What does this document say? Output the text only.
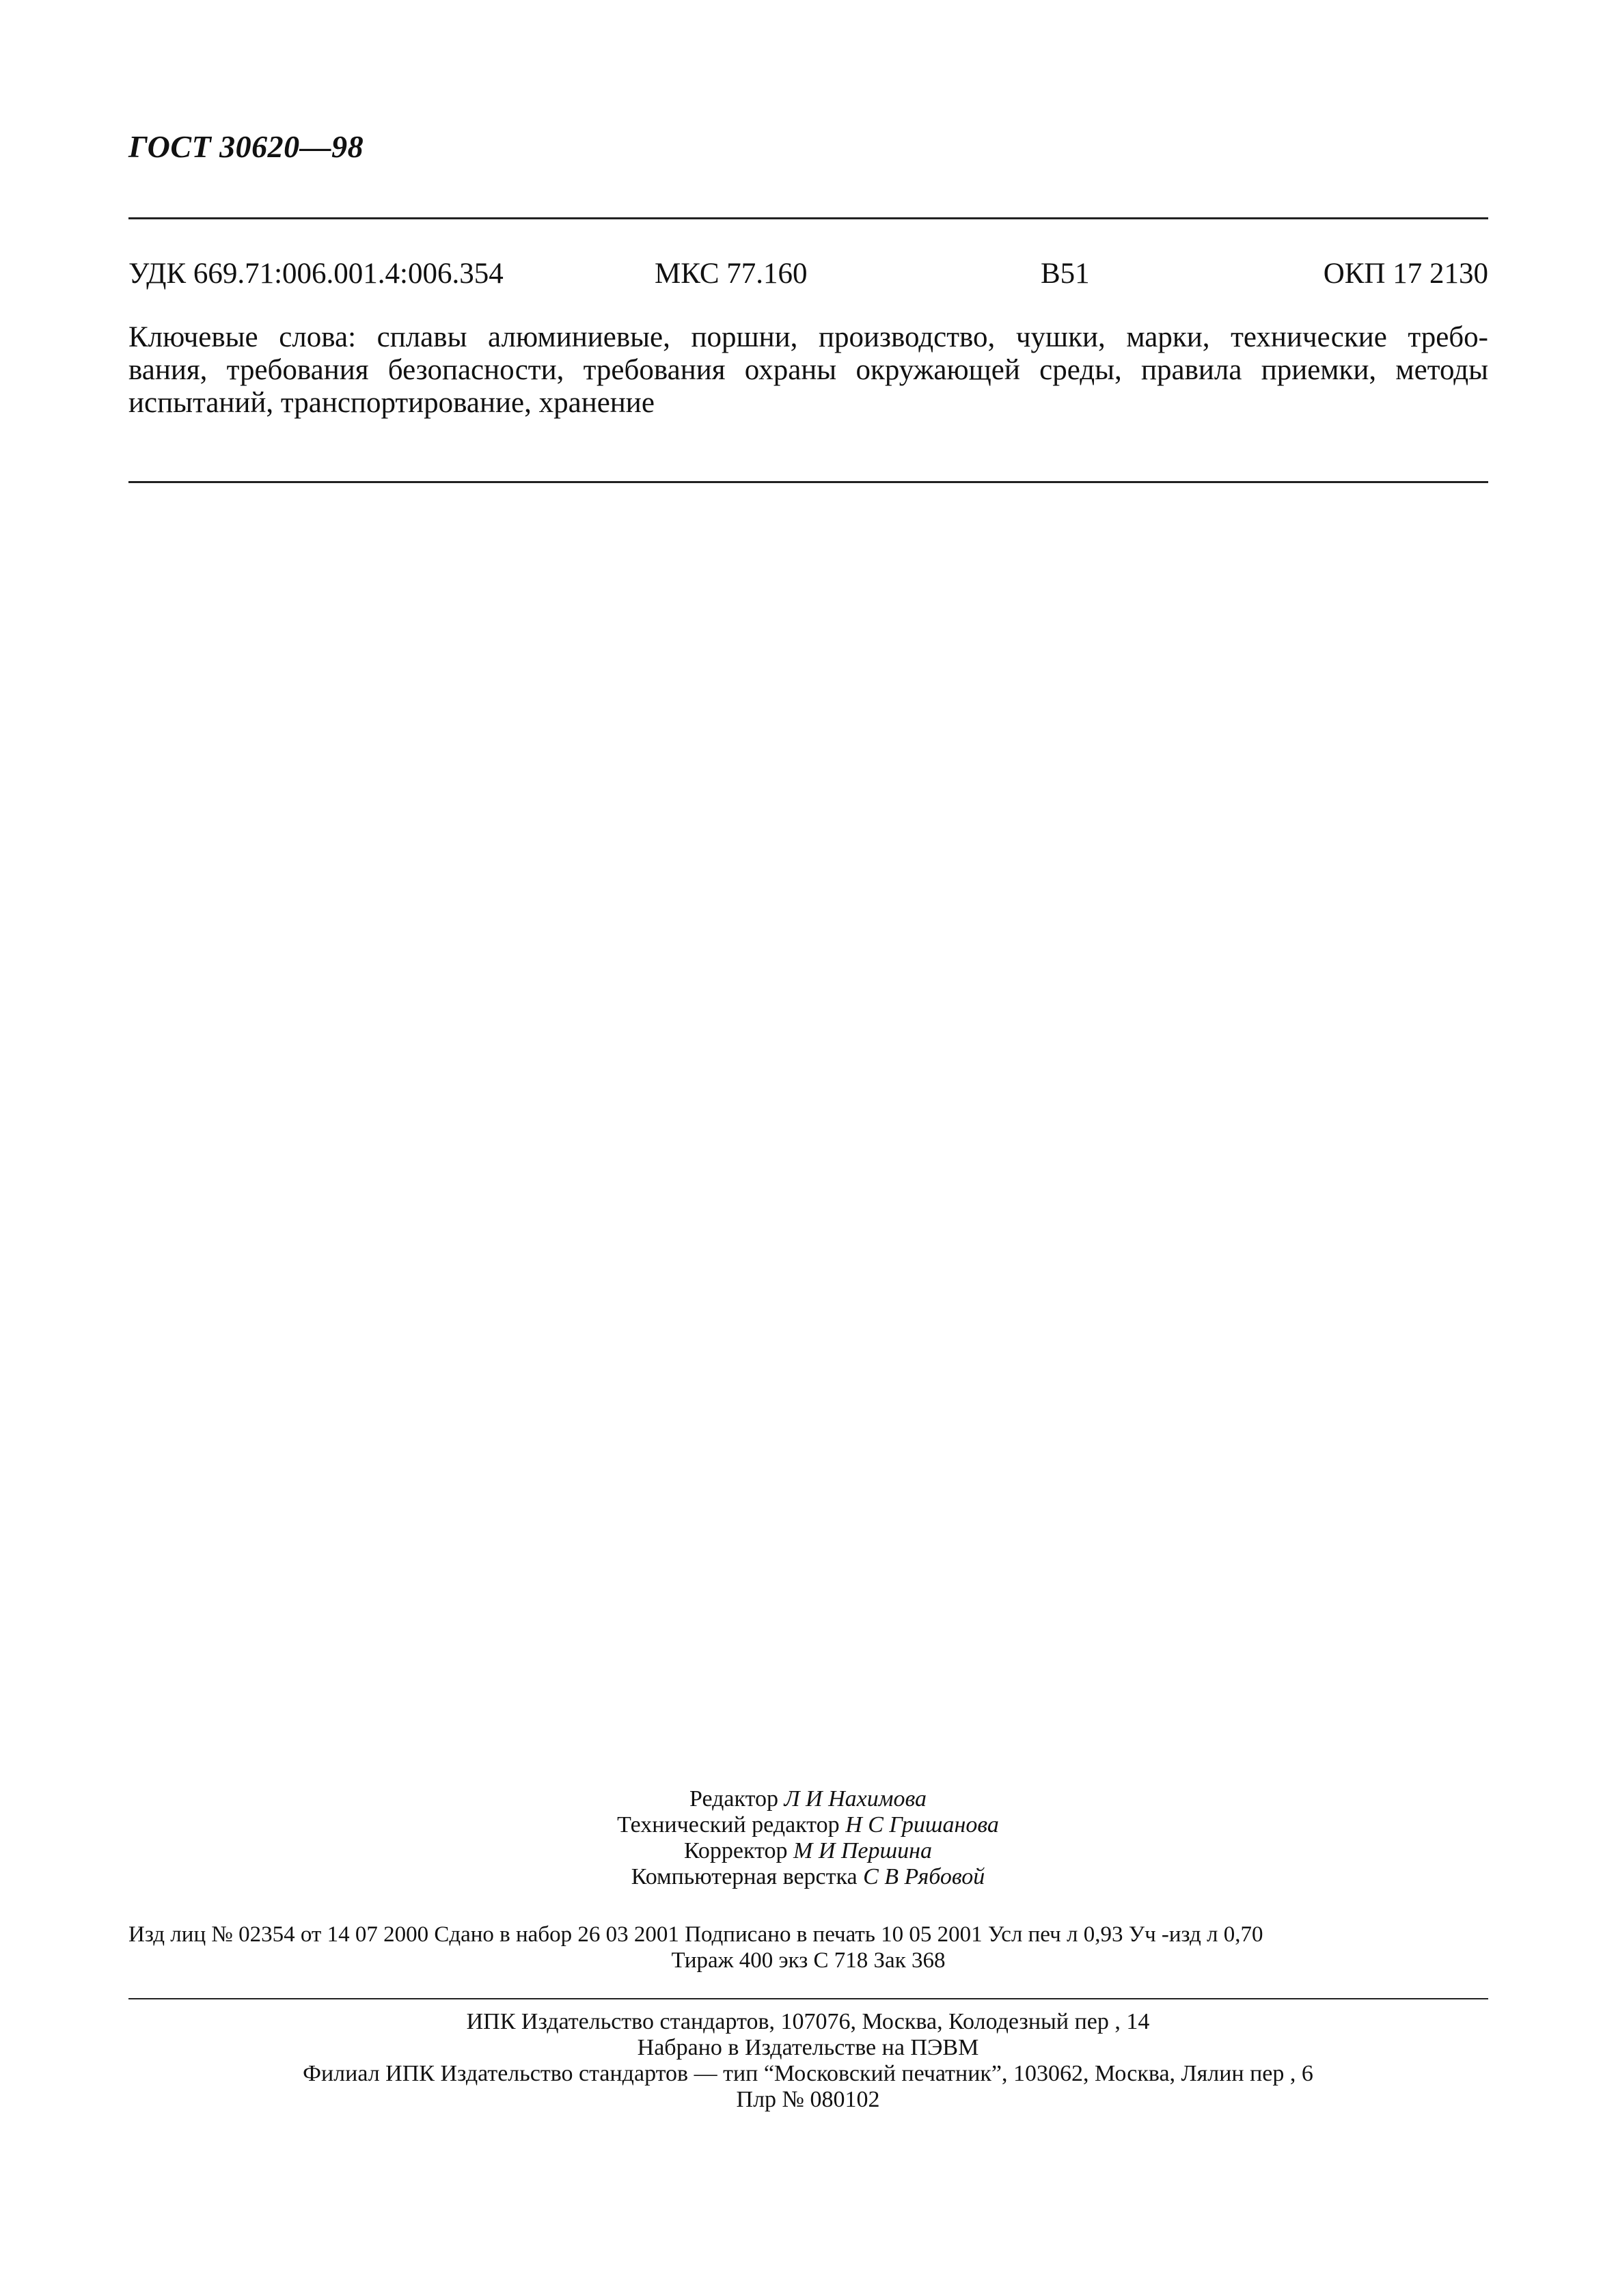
ГОСТ 30620—98
УДК 669.71:006.001.4:006.354	МКС 77.160	В51	ОКП 17 2130
Ключевые слова: сплавы алюминиевые, поршни, производство, чушки, марки, технические требо-
вания, требования безопасности, требования охраны окружающей среды, правила приемки, методы
испытаний, транспортирование, хранение
Редактор Л И Нахимова
Технический редактор Н С Гришанова
Корректор М И Першина
Компьютерная верстка С В Рябовой
Изд лиц № 02354 от 14 07 2000 Сдано в набор 26 03 2001 Подписано в печать 10 05 2001 Усл печ л 0,93 Уч -изд л 0,70
Тираж 400 экз С 718 Зак 368
ИПК Издательство стандартов, 107076, Москва, Колодезный пер , 14
Набрано в Издательстве на ПЭВМ
Филиал ИПК Издательство стандартов — тип “Московский печатник”, 103062, Москва, Лялин пер , 6
Плр № 080102
